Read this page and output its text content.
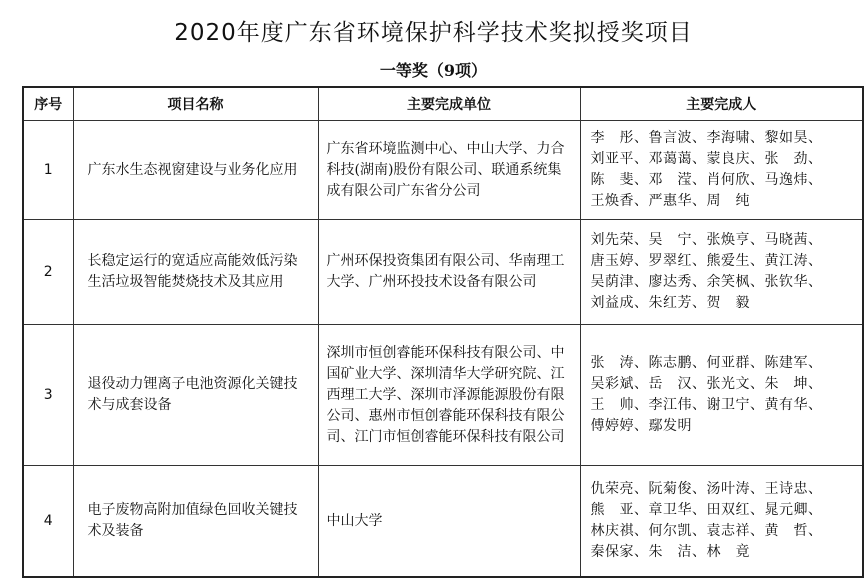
2020年度广东省环境保护科学技术奖拟授奖项目
一等奖（9项）
序号	项目名称	主要完成单位	主要完成人
1	广东水生态视窗建设与业务化应用	广东省环境监测中心、中山大学、力合科技(湖南)股份有限公司、联通系统集成有限公司广东省分公司	李　彤、鲁言波、李海啸、黎如昊、
刘亚平、邓蔼蔼、蒙良庆、张　劲、
陈　斐、邓　滢、肖何欣、马逸炜、
王焕香、严惠华、周　纯

2	长稳定运行的宽适应高能效低污染生活垃圾智能焚烧技术及其应用	广州环保投资集团有限公司、华南理工大学、广州环投技术设备有限公司	刘先荣、吴　宁、张焕亨、马晓茜、
唐玉婷、罗翠红、熊爱生、黄江涛、
吴荫津、廖达秀、余笑枫、张钦华、
刘益成、朱红芳、贺　毅

3	退役动力锂离子电池资源化关键技术与成套设备	深圳市恒创睿能环保科技有限公司、中国矿业大学、深圳清华大学研究院、江西理工大学、深圳市泽源能源股份有限公司、惠州市恒创睿能环保科技有限公司、江门市恒创睿能环保科技有限公司	张　涛、陈志鹏、何亚群、陈建军、
吴彩斌、岳　汉、张光文、朱　坤、
王　帅、李江伟、谢卫宁、黄有华、
傅婷婷、鄢发明

4	电子废物高附加值绿色回收关键技术及装备	中山大学	仇荣亮、阮菊俊、汤叶涛、王诗忠、
熊　亚、章卫华、田双红、晁元卿、
林庆祺、何尔凯、袁志祥、黄　哲、
秦保家、朱　洁、林　竟
